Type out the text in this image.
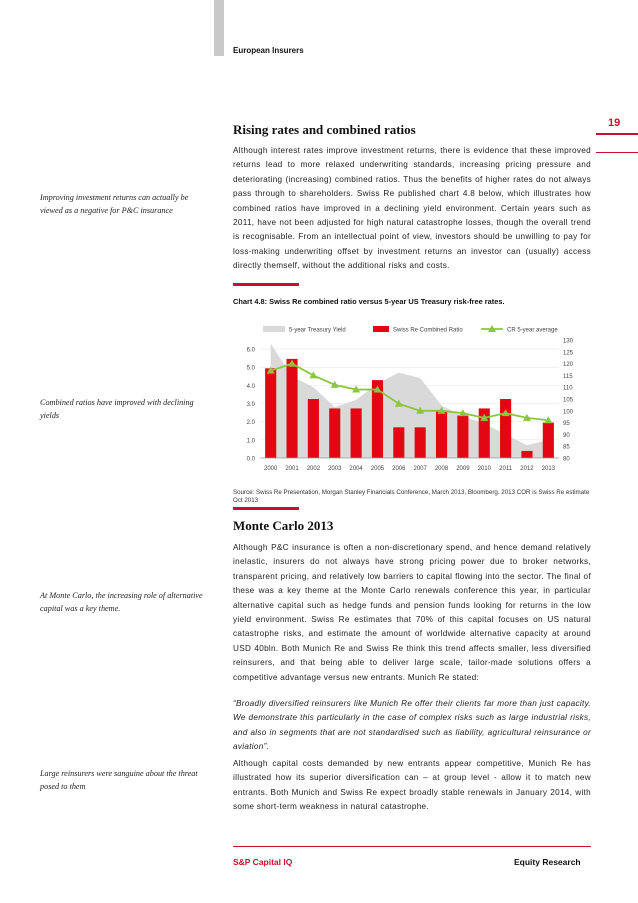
European Insurers
19
Rising rates and combined ratios

Although interest rates improve investment returns, there is evidence that these improved returns lead to more relaxed underwriting standards, increasing pricing pressure and deteriorating (increasing) combined ratios. Thus the benefits of higher rates do not always pass through to shareholders. Swiss Re published chart 4.8 below, which illustrates how combined ratios have improved in a declining yield environment. Certain years such as 2011, have not been adjusted for high natural catastrophe losses, though the overall trend is recognisable. From an intellectual point of view, investors should be unwilling to pay for loss-making underwriting offset by investment returns an investor can (usually) access directly themself, without the additional risks and costs.

Improving investment returns can actually be viewed as a negative for P&C insurance
Combined ratios have improved with declining yields
At Monte Carlo, the increasing role of alternative capital was a key theme.
Large reinsurers were sanguine about the threat posed to them
Chart 4.8: Swiss Re combined ratio versus 5-year US Treasury risk-free rates.
0.0
1.0
2.0
3.0
4.0
5.0
6.0
80
85
90
95
100
105
110
115
120
125
130
2000 2001 2002 2003 2004 2005 2006 2007 2008 2009 2010 2011 2012 2013
5-year Treasury Yield	Swiss Re Combined Ratio	CR 5-year average
Source: Swiss Re Presentation, Morgan Stanley Financials Conference, March 2013, Bloomberg. 2013 COR is Swiss Re estimate Oct 2013
Monte Carlo 2013

Although P&C insurance is often a non-discretionary spend, and hence demand relatively inelastic, insurers do not always have strong pricing power due to broker networks, transparent pricing, and relatively low barriers to capital flowing into the sector. The final of these was a key theme at the Monte Carlo renewals conference this year, in particular alternative capital such as hedge funds and pension funds looking for returns in the low yield environment. Swiss Re estimates that 70% of this capital focuses on US natural catastrophe risks, and estimate the amount of worldwide alternative capacity at around USD 40bln. Both Munich Re and Swiss Re think this trend affects smaller, less diversified reinsurers, and that being able to deliver large scale, tailor-made solutions offers a competitive advantage versus new entrants. Munich Re stated:

“Broadly diversified reinsurers like Munich Re offer their clients far more than just capacity. We demonstrate this particularly in the case of complex risks such as large industrial risks, and also in segments that are not standardised such as liability, agricultural reinsurance or aviation”.

Although capital costs demanded by new entrants appear competitive, Munich Re has illustrated how its superior diversification can – at group level - allow it to match new entrants. Both Munich and Swiss Re expect broadly stable renewals in January 2014, with some short-term weakness in natural catastrophe.

S&P Capital IQ	Equity Research
